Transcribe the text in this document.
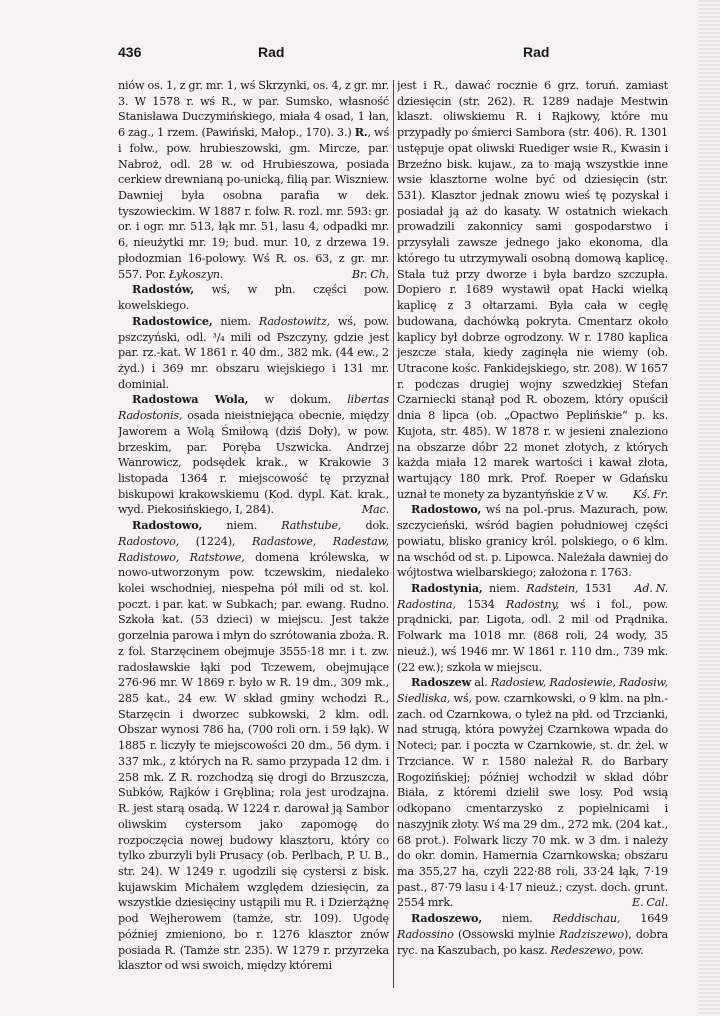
436	Rad	Rad

niów os. 1, z gr. mr. 1, wś Skrzynki, os. 4, z gr. mr. 3. W 1578 r. wś R., w par. Sumsko, własność Stanisława Duczymińskiego, miała 4 osad, 1 łan, 6 zag., 1 rzem. (Pawiński, Małop., 170). 3.) R., wś i folw., pow. hrubieszowski, gm. Mircze, par. Nabroż, odl. 28 w. od Hrubieszowa, posiada cerkiew drewnianą po-unicką, filią par. Wiszniew. Dawniej była osobna parafia w dek. tyszowieckim. W 1887 r. folw. R. rozl. mr. 593: gr. or. i ogr. mr. 513, łąk mr. 51, lasu 4, odpadki mr. 6, nieużytki mr. 19; bud. mur. 10, z drzewa 19. płodozmian 16-polowy. Wś R. os. 63, z gr. mr. 557. Por. Łykoszyn.	Br. Ch.

Radostów, wś, w płn. części pow. kowelskiego.

Radostowice, niem. Radostowitz, wś, pow. pszczyński, odl. ³/₄ mili od Pszczyny, gdzie jest par. rz.-kat. W 1861 r. 40 dm., 382 mk. (44 ew., 2 żyd.) i 369 mr. obszaru wiejskiego i 131 mr. dominial.

Radostowa Wola, w dokum. libertas Radostonis, osada nieistniejąca obecnie, między Jaworem a Wolą Śmiłową (dziś Doły), w pow. brzeskim, par. Poręba Uszwicka. Andrzej Wanrowicz, podsędek krak., w Krakowie 3 listopada 1364 r. miejscowość tę przyznał biskupowi krakowskiemu (Kod. dypl. Kat. krak., wyd. Piekosińskiego, I, 284).	Mac.

Radostowo, niem. Rathstube, dok. Radostovo, (1224), Radastowe, Radestaw, Radistowo, Ratstowe, domena królewska, w nowo-utworzonym pow. tczewskim, niedaleko kolei wschodniej, niespełna pół mili od st. kol. poczt. i par. kat. w Subkach; par. ewang. Rudno. Szkoła kat. (53 dzieci) w miejscu. Jest także gorzelnia parowa i młyn do szrótowania zboża. R. z fol. Starzęcinem obejmuje 3555·18 mr. i t. zw. radosławskie łąki pod Tczewem, obejmujące 276·96 mr. W 1869 r. było w R. 19 dm., 309 mk., 285 kat., 24 ew. W skład gminy wchodzi R., Starzęcin i dworzec subkowski, 2 klm. odl. Obszar wynosi 786 ha, (700 roli orn. i 59 łąk). W 1885 r. liczyły te miejscowości 20 dm., 56 dym. i 337 mk., z których na R. samo przypada 12 dm. i 258 mk. Z R. rozchodzą się drogi do Brzuszcza, Subków, Rajków i Gręblina; rola jest urodzajna. R. jest starą osadą. W 1224 r. darował ją Sambor oliwskim cystersom jako zapomogę do rozpoczęcia nowej budowy klasztoru, który co tylko zburzyli byli Prusacy (ob. Perlbach, P. U. B., str. 24). W 1249 r. ugodzili się cystersi z bisk. kujawskim Michałem względem dziesięcin, za wszystkie dziesięciny ustąpili mu R. i Dzierżążnę pod Wejherowem (tamże, str. 109). Ugodę później zmieniono, bo r. 1276 klasztor znów posiada R. (Tamże str. 235). W 1279 r. przyrzeka klasztor od wsi swoich, między któremi

jest i R., dawać rocznie 6 grz. toruń. zamiast dziesięcin (str. 262). R. 1289 nadaje Mestwin klaszt. oliwskiemu R. i Rajkowy, które mu przypadły po śmierci Sambora (str. 406). R. 1301 ustępuje opat oliwski Ruediger wsie R., Kwasin i Brzeźno bisk. kujaw., za to mają wszystkie inne wsie klasztorne wolne być od dziesięcin (str. 531). Klasztor jednak znowu wieś tę pozyskał i posiadał ją aż do kasaty. W ostatnich wiekach prowadzili zakonnicy sami gospodarstwo i przysyłali zawsze jednego jako ekonoma, dla którego tu utrzymywali osobną domową kaplicę. Stała tuż przy dworze i była bardzo szczupła. Dopiero r. 1689 wystawił opat Hacki wielką kaplicę z 3 ołtarzami. Była cała w cegłę budowana, dachówką pokryta. Cmentarz około kaplicy był dobrze ogrodzony. W r. 1780 kaplica jeszcze stała, kiedy zaginęła nie wiemy (ob. Utracone kośc. Fankidejskiego, str. 208). W 1657 r. podczas drugiej wojny szwedzkiej Stefan Czarniecki stanął pod R. obozem, który opuścił dnia 8 lipca (ob. „Opactwo Peplińskie“ p. ks. Kujota, str. 485). W 1878 r. w jesieni znaleziono na obszarze dóbr 22 monet złotych, z których każda miała 12 marek wartości i kawał złota, wartujący 180 mrk. Prof. Roeper w Gdańsku uznał te monety za byzantyńskie z V w.	Kś. Fr.

Radostowo, wś na pol.-prus. Mazurach, pow. szczycieński, wśród bagien południowej części powiatu, blisko granicy król. polskiego, o 6 klm. na wschód od st. p. Lipowca. Należała dawniej do wójtostwa wielbarskiego; założona r. 1763.
Ad. N.

Radostynia, niem. Radstein, 1531 Radostina, 1534 Radostny, wś i fol., pow. prądnicki, par. Ligota, odl. 2 mil od Prądnika. Folwark ma 1018 mr. (868 roli, 24 wody, 35 nieuż.), wś 1946 mr. W 1861 r. 110 dm., 739 mk. (22 ew.); szkoła w miejscu.

Radoszew al. Radosiew, Radosiewie, Radosiw, Siedliska, wś, pow. czarnkowski, o 9 klm. na płn.-zach. od Czarnkowa, o tyleż na płd. od Trzcianki, nad strugą, która powyżej Czarnkowa wpada do Noteci; par. i poczta w Czarnkowie, st. dr. żel. w Trzciance. W r. 1580 należał R. do Barbary Rogozińskiej; później wchodził w skład dóbr Biała, z któremi dzielił swe losy. Pod wsią odkopano cmentarzysko z popielnicami i naszyjnik złoty. Wś ma 29 dm., 272 mk. (204 kat., 68 prot.). Folwark liczy 70 mk. w 3 dm. i należy do okr. domin. Hamernia Czarnkowska; obszaru ma 355,27 ha, czyli 222·88 roli, 33·24 łąk, 7·19 past., 87·79 lasu i 4·17 nieuż.; czyst. doch. grunt. 2554 mrk.	E. Cal.

Radoszewo, niem. Reddischau, 1649 Radossino (Ossowski mylnie Radziszewo), dobra ryc. na Kaszubach, po kasz. Redeszewo, pow.
